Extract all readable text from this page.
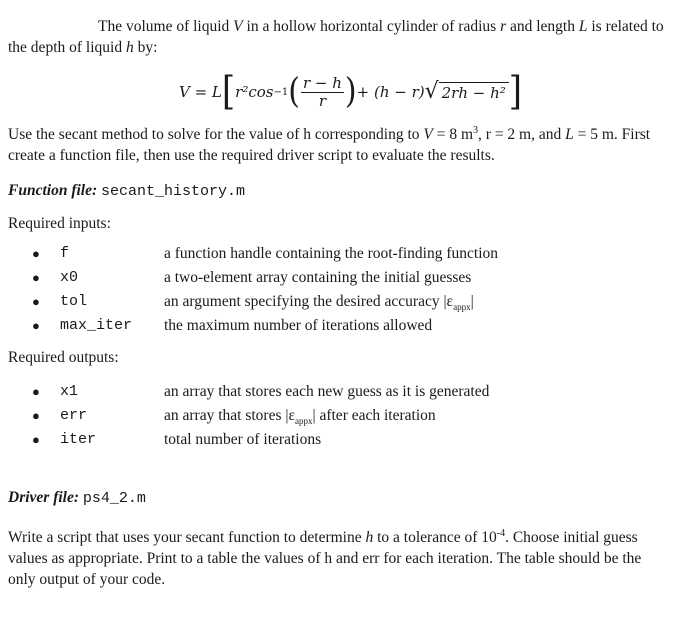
The volume of liquid V in a hollow horizontal cylinder of radius r and length L is related to the depth of liquid h by:

V = L [ r²cos −1 ( $\frac{r - h}{r}$ ) + (h − r) √ 2rh − h² ]

Use the secant method to solve for the value of h corresponding to V = 8 $m^3$, r = 2 m, and L = 5 m. First create a function file, then use the required driver script to evaluate the results.

Function file: secant_history.m

Required inputs:

● f	a function handle containing the root-finding function
● x0	a two-element array containing the initial guesses
● tol	an argument specifying the desired accuracy $|\varepsilon_{appx}|$
● max_iter the maximum number of iterations allowed

Required outputs:

● x1	an array that stores each new guess as it is generated
● err	an array that stores $|\varepsilon_{appx}|$ after each iteration
● iter	total number of iterations

Driver file: ps4_2.m

Write a script that uses your secant function to determine h to a tolerance of $10^{-4}$. Choose initial guess values as appropriate. Print to a table the values of h and err for each iteration. The table should be the only output of your code.
